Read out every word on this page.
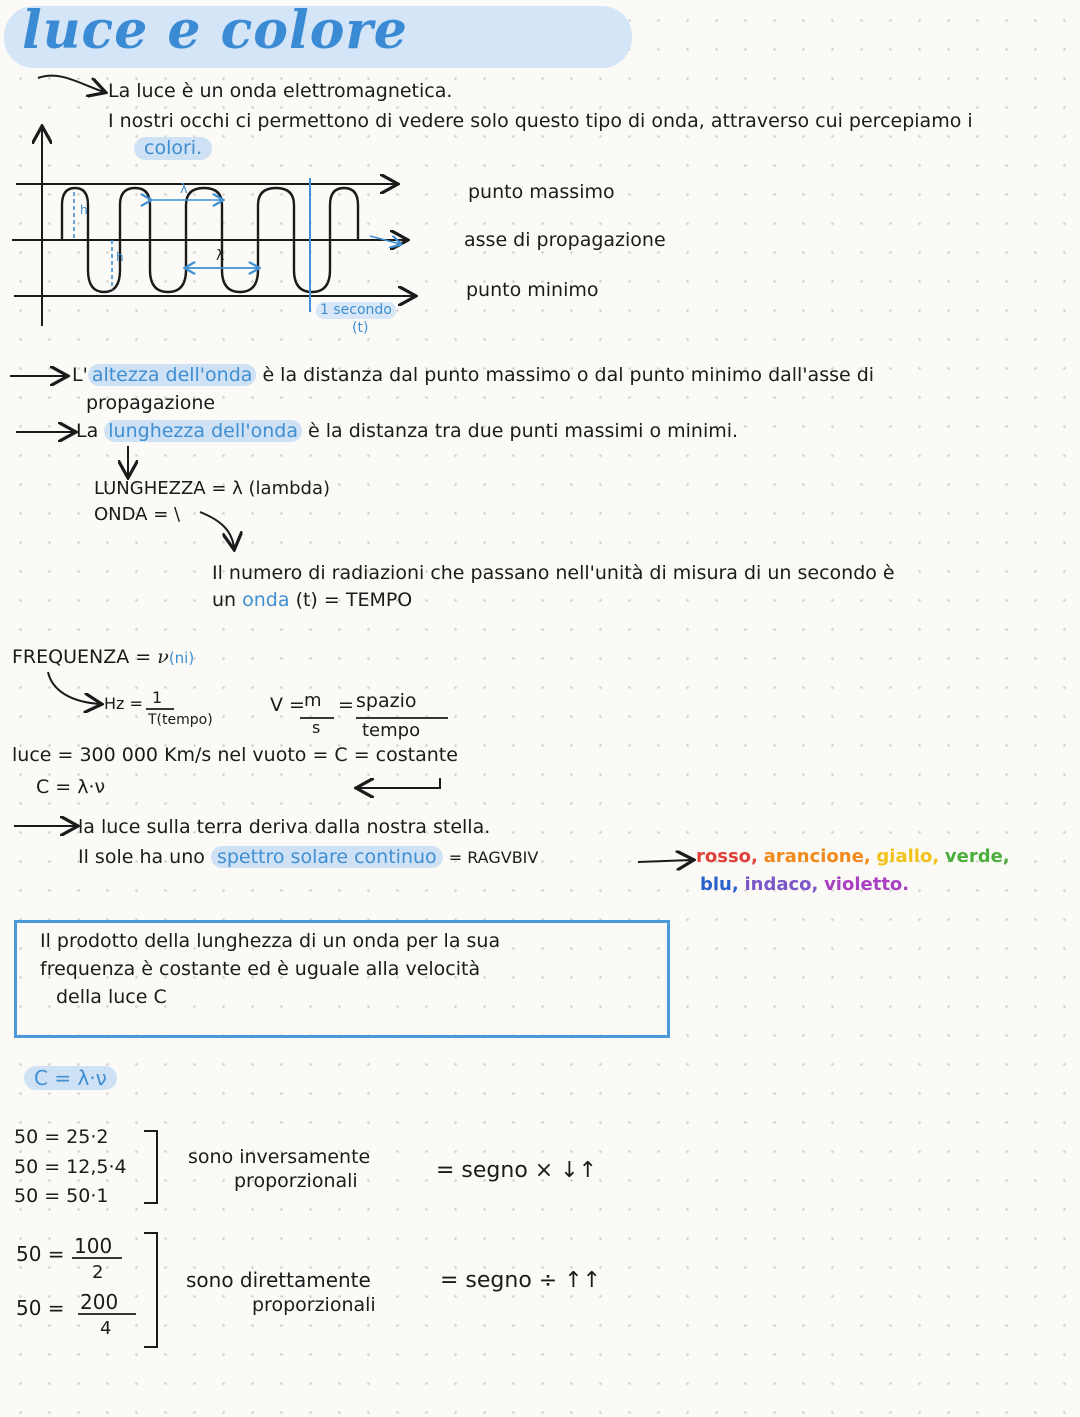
luce e colore
La luce è un onda elettromagnetica.
I nostri occhi ci permettono di vedere solo questo tipo di onda, attraverso cui percepiamo i
colori.
h
h
λ
λ
1 secondo
(t)
punto massimo
asse di propagazione
punto minimo
L' altezza dell'onda è la distanza dal punto massimo o dal punto minimo dall'asse di
propagazione
La lunghezza dell'onda è la distanza tra due punti massimi o minimi.
LUNGHEZZA = λ (lambda)
ONDA = \
Il numero di radiazioni che passano nell'unità di misura di un secondo è
un onda (t) = TEMPO
FREQUENZA = ν(ni)
Hz = 1
T(tempo)
V = m
s
= spazio
tempo
luce = 300 000 Km/s nel vuoto = C = costante
C = λ·ν
la luce sulla terra deriva dalla nostra stella.
Il sole ha uno spettro solare continuo = RAGVBIV	rosso, arancione, giallo, verde,
blu, indaco, violetto.
Il prodotto della lunghezza di un onda per la sua
frequenza è costante ed è uguale alla velocità
della luce C
C = λ·ν
50 = 25·2
50 = 12,5·4
50 = 50·1
sono inversamente
proporzionali	= segno × ↓↑
50 = 100
2
50 = 200
4
sono direttamente
proporzionali
= segno ÷ ↑↑
